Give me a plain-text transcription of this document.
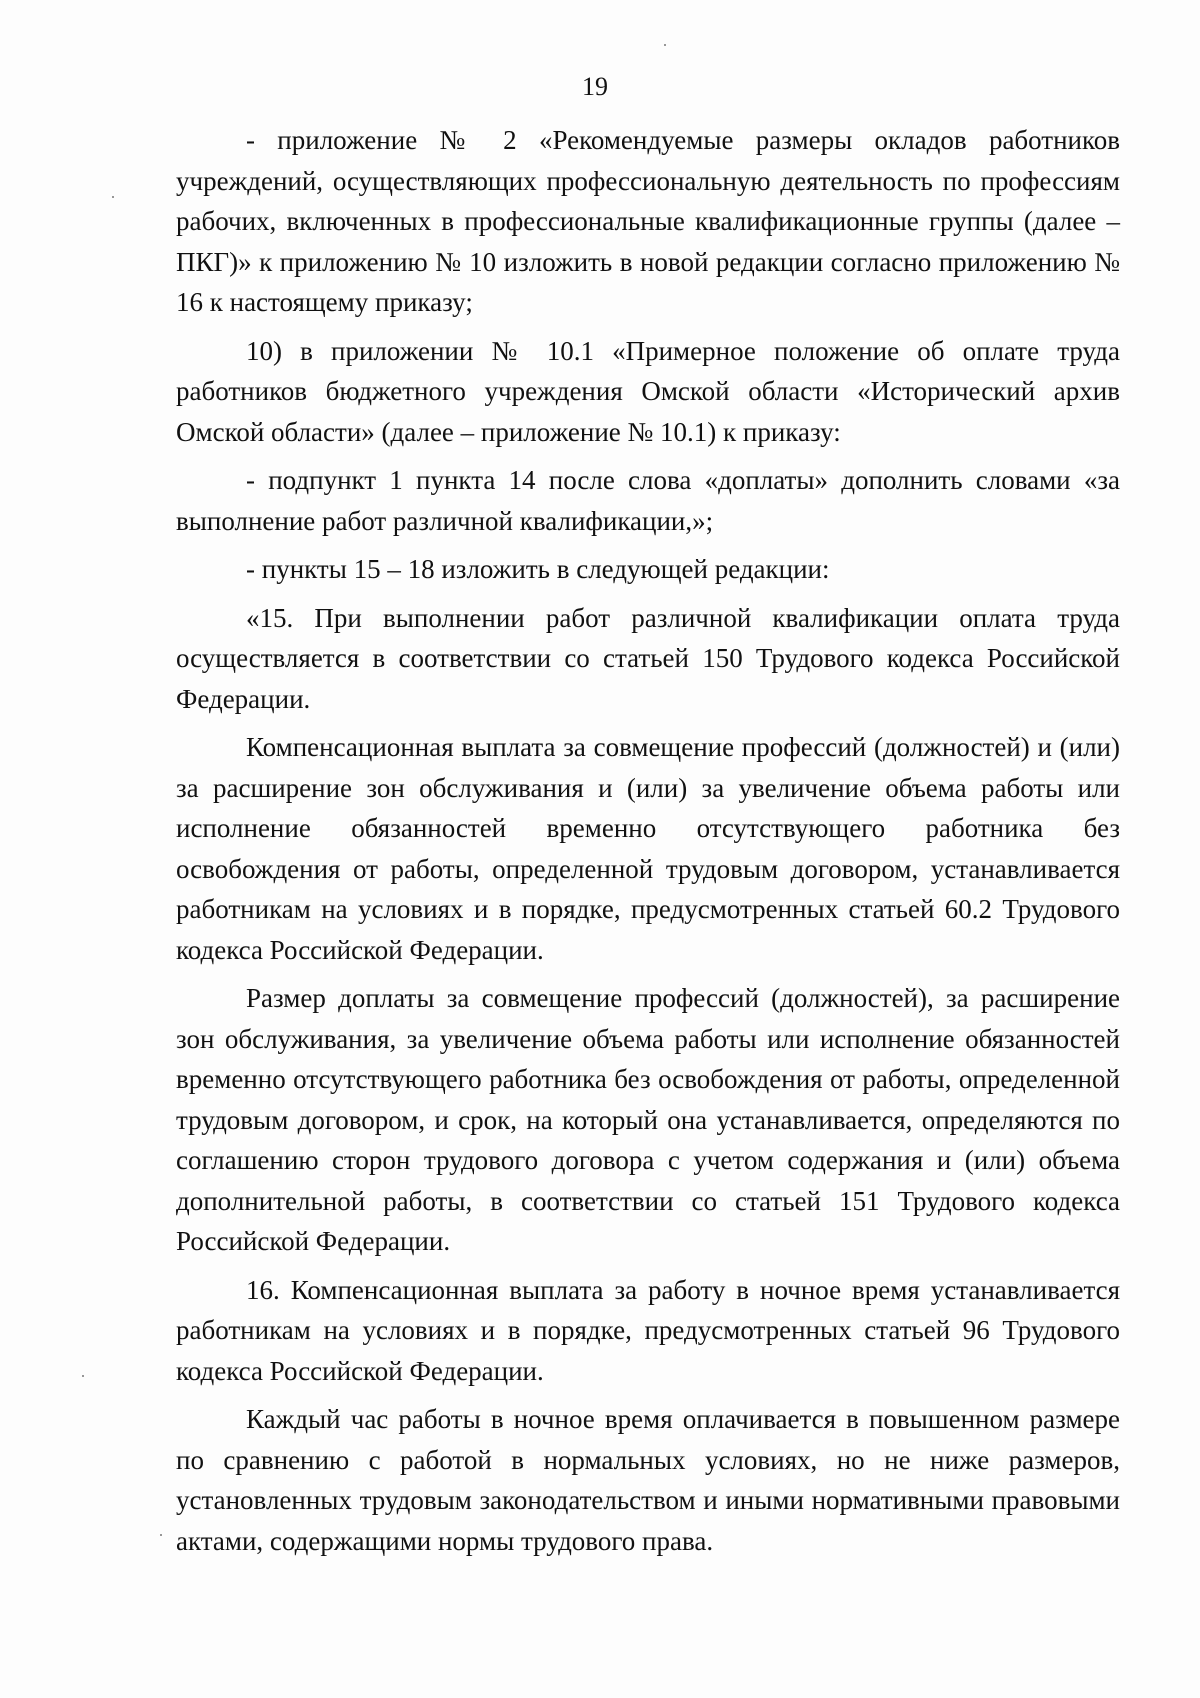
19

- приложение № 2 «Рекомендуемые размеры окладов работников учреждений, осуществляющих профессиональную деятельность по профессиям рабочих, включенных в профессиональные квалификационные группы (далее – ПКГ)» к приложению № 10 изложить в новой редакции согласно приложению № 16 к настоящему приказу;

10) в приложении № 10.1 «Примерное положение об оплате труда работников бюджетного учреждения Омской области «Исторический архив Омской области» (далее – приложение № 10.1) к приказу:

- подпункт 1 пункта 14 после слова «доплаты» дополнить словами «за выполнение работ различной квалификации,»;

- пункты 15 – 18 изложить в следующей редакции:

«15. При выполнении работ различной квалификации оплата труда осуществляется в соответствии со статьей 150 Трудового кодекса Российской Федерации.

Компенсационная выплата за совмещение профессий (должностей) и (или) за расширение зон обслуживания и (или) за увеличение объема работы или исполнение обязанностей временно отсутствующего работника без освобождения от работы, определенной трудовым договором, устанавливается работникам на условиях и в порядке, предусмотренных статьей 60.2 Трудового кодекса Российской Федерации.

Размер доплаты за совмещение профессий (должностей), за расширение зон обслуживания, за увеличение объема работы или исполнение обязанностей временно отсутствующего работника без освобождения от работы, определенной трудовым договором, и срок, на который она устанавливается, определяются по соглашению сторон трудового договора с учетом содержания и (или) объема дополнительной работы, в соответствии со статьей 151 Трудового кодекса Российской Федерации.

16. Компенсационная выплата за работу в ночное время устанавливается работникам на условиях и в порядке, предусмотренных статьей 96 Трудового кодекса Российской Федерации.

Каждый час работы в ночное время оплачивается в повышенном размере по сравнению с работой в нормальных условиях, но не ниже размеров, установленных трудовым законодательством и иными нормативными правовыми актами, содержащими нормы трудового права.
